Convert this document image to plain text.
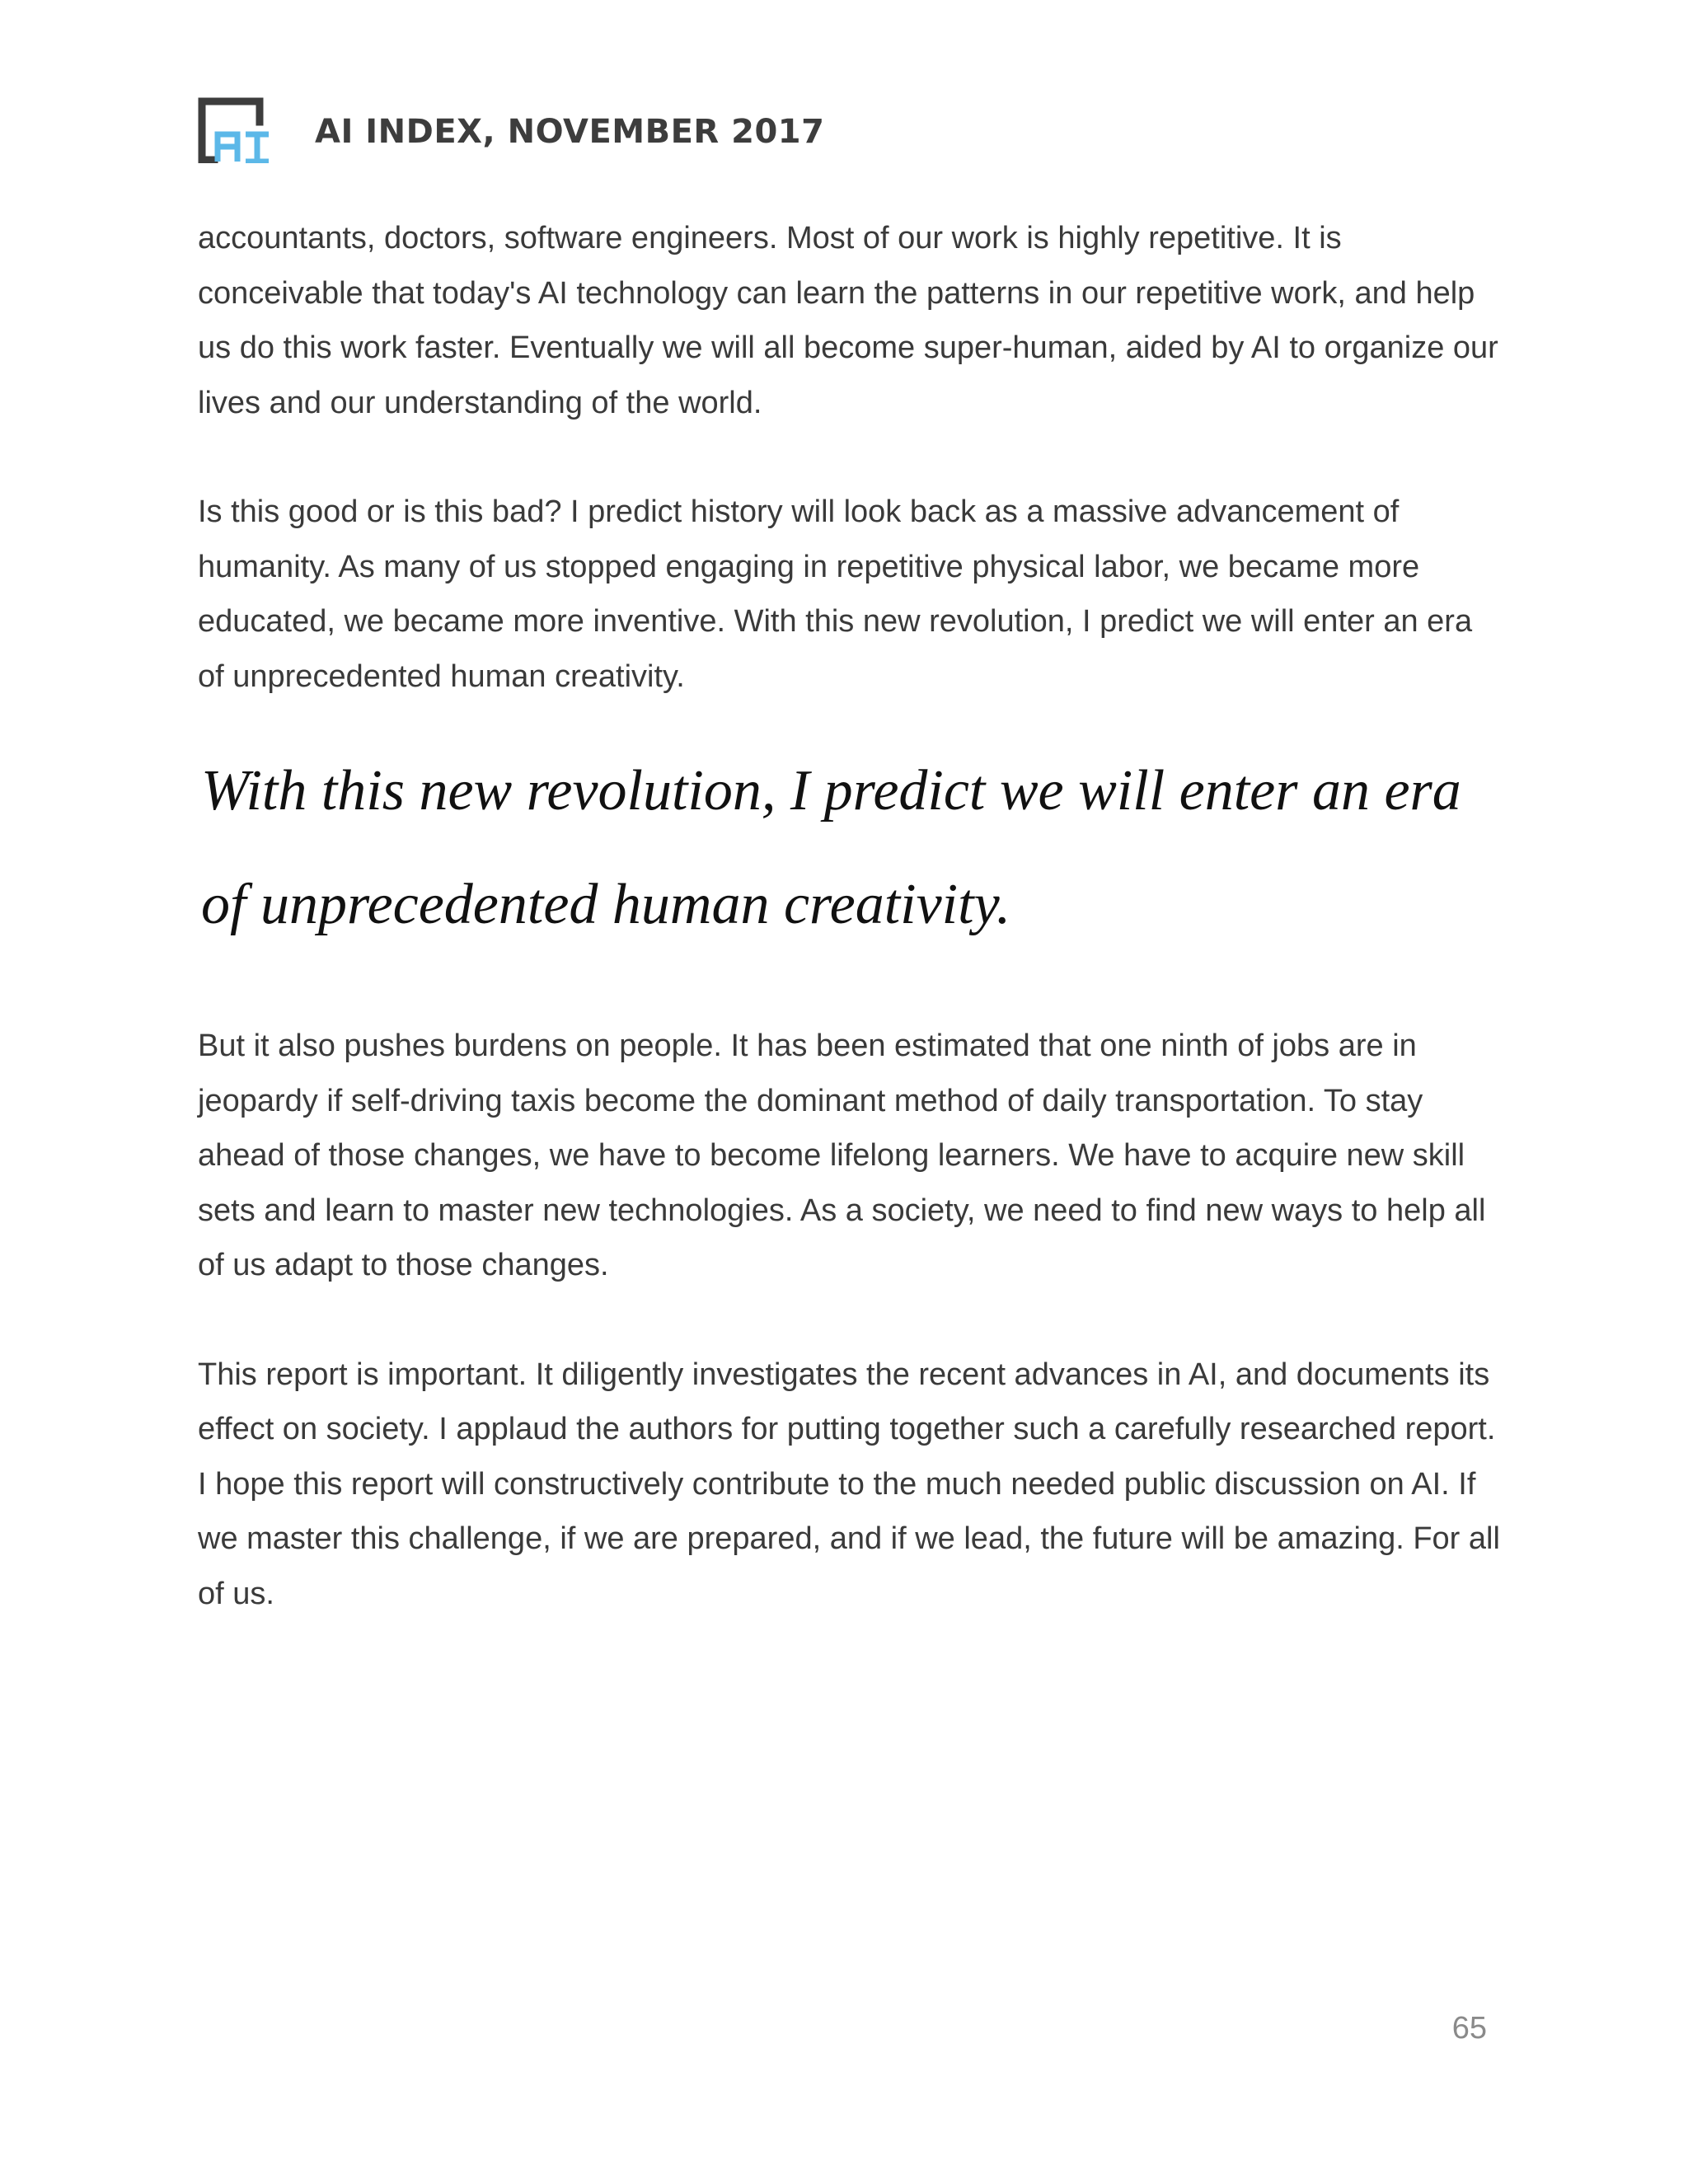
AI INDEX, NOVEMBER 2017

accountants, doctors, software engineers. Most of our work is highly repetitive. It is conceivable that today's AI technology can learn the patterns in our repetitive work, and help us do this work faster. Eventually we will all become super-human, aided by AI to organize our lives and our understanding of the world.

Is this good or is this bad? I predict history will look back as a massive advancement of humanity. As many of us stopped engaging in repetitive physical labor, we became more educated, we became more inventive. With this new revolution, I predict we will enter an era of unprecedented human creativity.

With this new revolution, I predict we will enter an era of unprecedented human creativity.

But it also pushes burdens on people. It has been estimated that one ninth of jobs are in jeopardy if self-driving taxis become the dominant method of daily transportation. To stay ahead of those changes, we have to become lifelong learners. We have to acquire new skill sets and learn to master new technologies. As a society, we need to find new ways to help all of us adapt to those changes.

This report is important. It diligently investigates the recent advances in AI, and documents its effect on society. I applaud the authors for putting together such a carefully researched report. I hope this report will constructively contribute to the much needed public discussion on AI. If we master this challenge, if we are prepared, and if we lead, the future will be amazing. For all of us.

65
